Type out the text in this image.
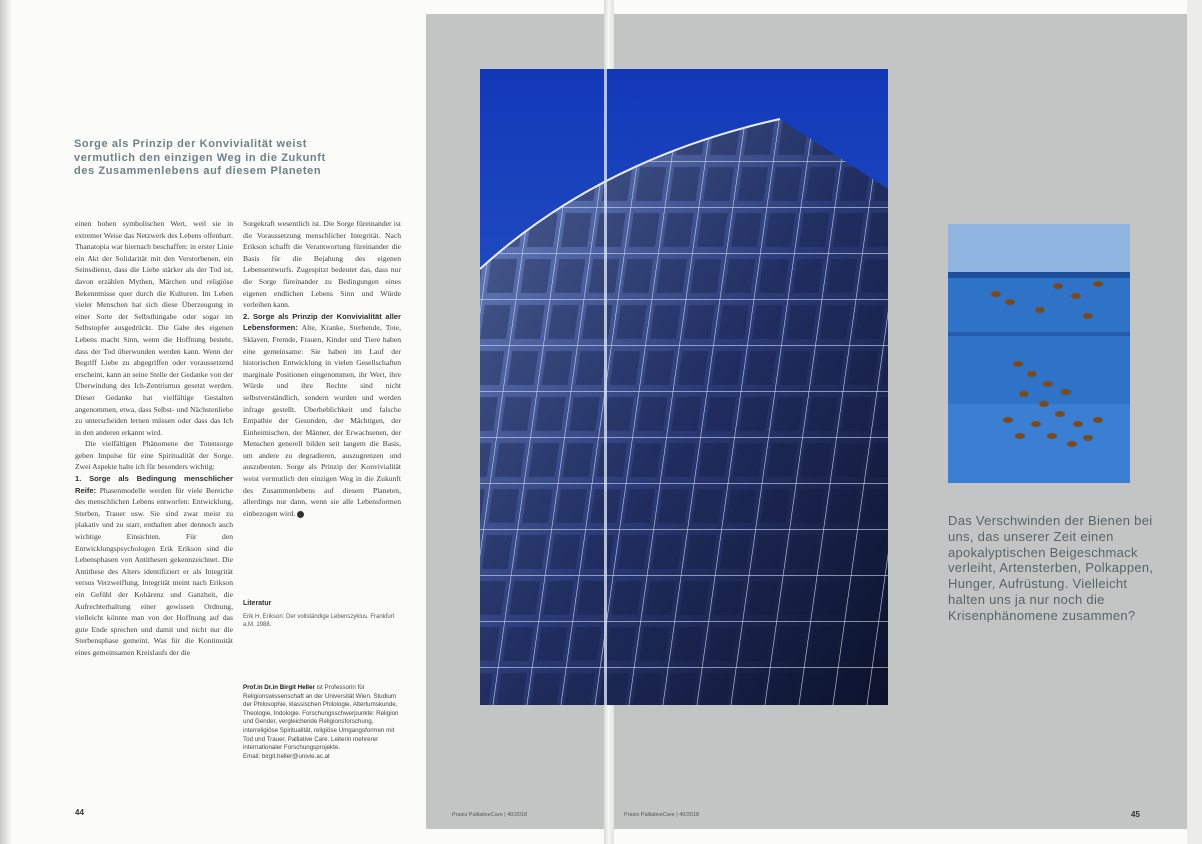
Sorge als Prinzip der Konvivialität weist vermutlich den einzigen Weg in die Zukunft des Zusammenlebens auf diesem Planeten

einen hohen symbolischen Wert, weil sie in extremer Weise das Netzwerk des Lebens offenbart. Thanatopia war hiernach beschaffen: in erster Linie ein Akt der Solidarität mit den Verstorbenen, ein Seinsdienst, dass die Liebe stärker als der Tod ist, davon erzählen Mythen, Märchen und religiöse Bekenntnisse quer durch die Kulturen. Im Leben vieler Menschen hat sich diese Überzeugung in einer Sorte der Selbsthingabe oder sogar im Selbstopfer ausgedrückt. Die Gabe des eigenen Lebens macht Sinn, wenn die Hoffnung besteht, dass der Tod überwunden werden kann. Wenn der Begriff Liebe zu abgegriffen oder voraussetzend erscheint, kann an seine Stelle der Gedanke von der Überwindung des Ich-Zentrismus gesetzt werden. Dieser Gedanke hat vielfältige Gestalten angenommen, etwa, dass Selbst- und Nächstenliebe zu unterscheiden lernen müssen oder dass das Ich in den anderen erkannt wird.

Die vielfältigen Phänomene der Totensorge geben Impulse für eine Spiritualität der Sorge. Zwei Aspekte halte ich für besonders wichtig:

1. Sorge als Bedingung menschlicher Reife: Phasenmodelle werden für viele Bereiche des menschlichen Lebens entworfen: Entwicklung, Sterben, Trauer usw. Sie sind zwar meist zu plakativ und zu starr, enthalten aber dennoch auch wichtige Einsichten. Für den Entwicklungspsychologen Erik Erikson sind die Lebensphasen von Antithesen gekennzeichnet. Die Antithese des Alters identifiziert er als Integrität versus Verzweiflung. Integrität meint nach Erikson ein Gefühl der Kohärenz und Ganzheit, die Aufrechterhaltung einer gewissen Ordnung, vielleicht könnte man von der Hoffnung auf das gute Ende sprechen und damit und nicht nur die Sterbensphase gemeint. Was für die Kontinuität eines gemeinsamen Kreislaufs der die

Sorgekraft wesentlich ist. Die Sorge füreinander ist die Voraussetzung menschlicher Integrität. Nach Erikson schafft die Verantwortung füreinander die Basis für die Bejahung des eigenen Lebensentwurfs. Zugespitzt bedeutet das, dass nur die Sorge füreinander zu Bedingungen eines eigenen endlichen Lebens Sinn und Würde verleihen kann.

2. Sorge als Prinzip der Konvivialität aller Lebensformen: Alte, Kranke, Sterbende, Tote, Sklaven, Fremde, Frauen, Kinder und Tiere haben eine gemeinsame: Sie haben im Lauf der historischen Entwicklung in vielen Gesellschaften marginale Positionen eingenommen, ihr Wert, ihre Würde und ihre Rechte sind nicht selbstverständlich, sondern wurden und werden infrage gestellt. Überheblichkeit und falsche Empathie der Gesunden, der Mächtigen, der Einheimischen, der Männer, der Erwachsenen, der Menschen generell bilden seit langem die Basis, um andere zu degradieren, auszugrenzen und auszubeuten. Sorge als Prinzip der Konvivialität weist vermutlich den einzigen Weg in die Zukunft des Zusammenlebens auf diesem Planeten, allerdings nur dann, wenn sie alle Lebensformen einbezogen wird.

Literatur
Erik H. Erikson: Der vollständige Lebenszyklus. Frankfurt a.M. 1988.
Prof.in Dr.in Birgit Heller ist Professorin für Religionswissenschaft an der Universität Wien. Studium der Philosophie, klassischen Philologie, Altertumskunde, Theologie, Indologie. Forschungsschwerpunkte: Religion und Gender, vergleichende Religionsforschung, interreligiöse Spiritualität, religiöse Umgangsformen mit Tod und Trauer, Palliative Care. Leiterin mehrerer internationaler Forschungsprojekte.
Email: birgit.heller@univie.ac.at
44	Praxis PalliativeCare | 40/2018	Praxis PalliativeCare | 40/2018	45
Das Verschwinden der Bienen bei uns, das unserer Zeit einen apokalyptischen Beigeschmack verleiht, Artensterben, Polkappen, Hunger, Aufrüstung. Vielleicht halten uns ja nur noch die Krisenphänomene zusammen?
